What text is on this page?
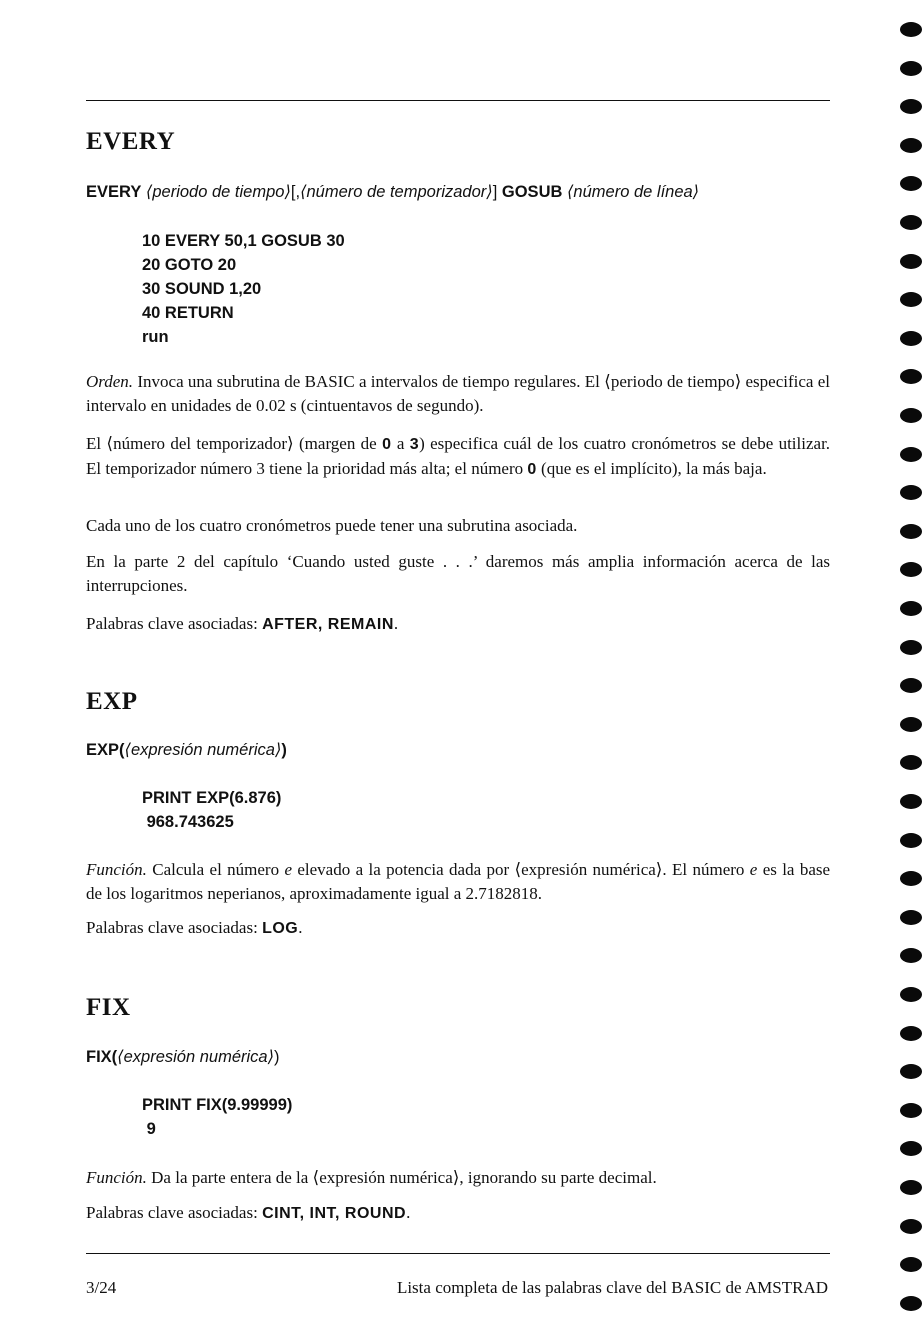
EVERY
EVERY ⟨periodo de tiempo⟩[,⟨número de temporizador⟩] GOSUB ⟨número de línea⟩
10 EVERY 50,1 GOSUB 30
20 GOTO 20
30 SOUND 1,20
40 RETURN
run
Orden. Invoca una subrutina de BASIC a intervalos de tiempo regulares. El ⟨periodo de tiempo⟩ especifica el intervalo en unidades de 0.02 s (cintuentavos de segundo).
El ⟨número del temporizador⟩ (margen de 0 a 3) especifica cuál de los cuatro cronómetros se debe utilizar. El temporizador número 3 tiene la prioridad más alta; el número 0 (que es el implícito), la más baja.
Cada uno de los cuatro cronómetros puede tener una subrutina asociada.
En la parte 2 del capítulo ‘Cuando usted guste . . .’ daremos más amplia información acerca de las interrupciones.
Palabras clave asociadas: AFTER, REMAIN.
EXP
EXP(⟨expresión numérica⟩)
PRINT EXP(6.876)
968.743625
Función. Calcula el número e elevado a la potencia dada por ⟨expresión numérica⟩. El número e es la base de los logaritmos neperianos, aproximadamente igual a 2.7182818.
Palabras clave asociadas: LOG.
FIX
FIX(⟨expresión numérica⟩)
PRINT FIX(9.99999)
9
Función. Da la parte entera de la ⟨expresión numérica⟩, ignorando su parte decimal.
Palabras clave asociadas: CINT, INT, ROUND.
3/24	Lista completa de las palabras clave del BASIC de AMSTRAD
